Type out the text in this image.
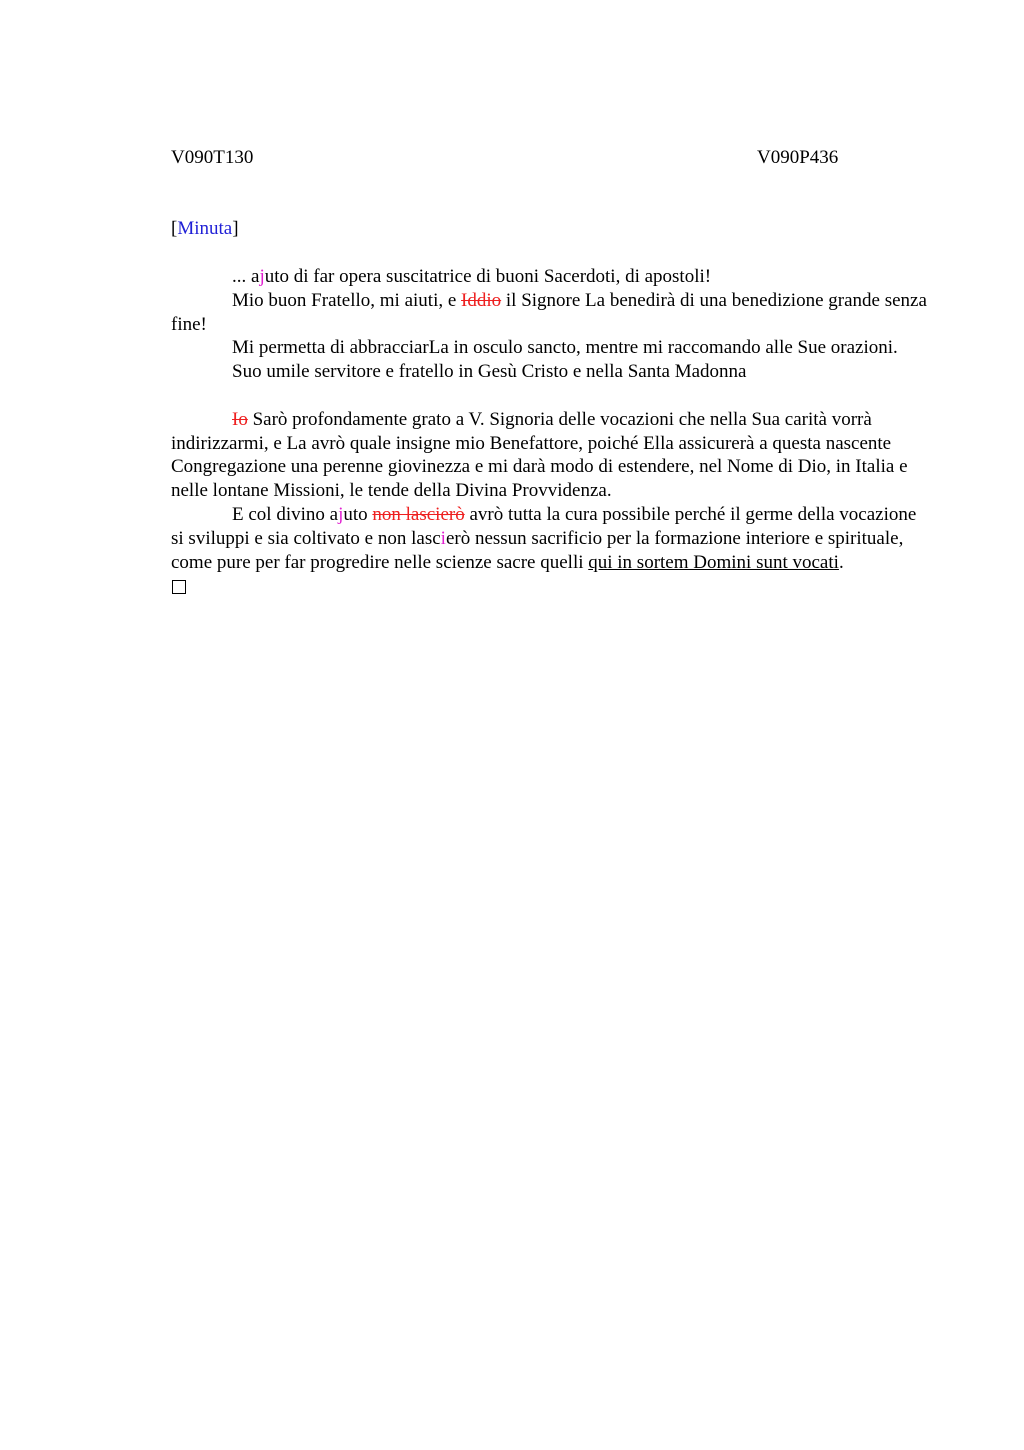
V090T130	V090P436
[Minuta]

... ajuto di far opera suscitatrice di buoni Sacerdoti, di apostoli!

Mio buon Fratello, mi aiuti, e Iddio il Signore La benedirà di una benedizione grande senza fine!

Mi permetta di abbracciarLa in osculo sancto, mentre mi raccomando alle Sue orazioni.

Suo umile servitore e fratello in Gesù Cristo e nella Santa Madonna

Io Sarò profondamente grato a V. Signoria delle vocazioni che nella Sua carità vorrà indirizzarmi, e La avrò quale insigne mio Benefattore, poiché Ella assicurerà a questa nascente Congregazione una perenne giovinezza e mi darà modo di estendere, nel Nome di Dio, in Italia e nelle lontane Missioni, le tende della Divina Provvidenza.

E col divino ajuto non lascierò avrò tutta la cura possibile perché il germe della vocazione si sviluppi e sia coltivato e non lascierò nessun sacrificio per la formazione interiore e spirituale, come pure per far progredire nelle scienze sacre quelli qui in sortem Domini sunt vocati.
